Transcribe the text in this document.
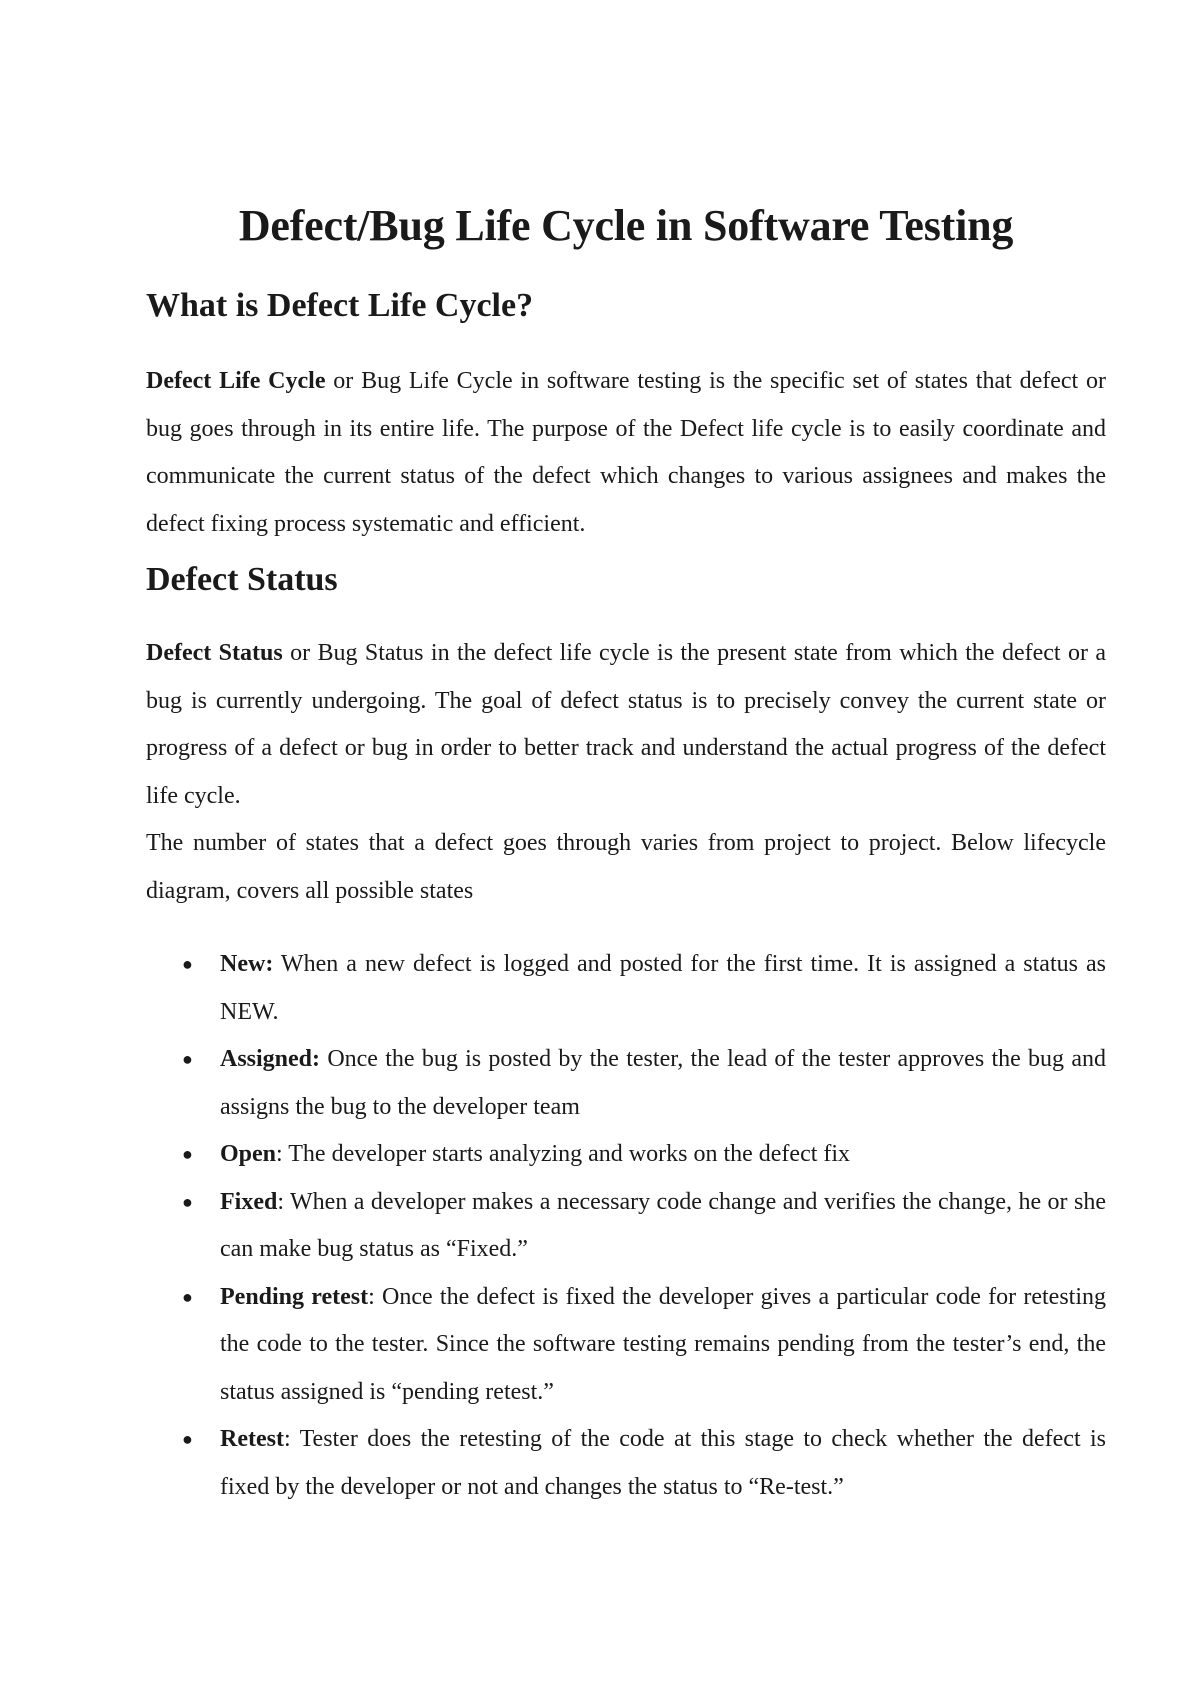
Defect/Bug Life Cycle in Software Testing
What is Defect Life Cycle?

Defect Life Cycle or Bug Life Cycle in software testing is the specific set of states that defect or bug goes through in its entire life. The purpose of the Defect life cycle is to easily coordinate and communicate the current status of the defect which changes to various assignees and makes the defect fixing process systematic and efficient.

Defect Status

Defect Status or Bug Status in the defect life cycle is the present state from which the defect or a bug is currently undergoing. The goal of defect status is to precisely convey the current state or progress of a defect or bug in order to better track and understand the actual progress of the defect life cycle.

The number of states that a defect goes through varies from project to project. Below lifecycle diagram, covers all possible states

● New: When a new defect is logged and posted for the first time. It is assigned a status as NEW.
● Assigned: Once the bug is posted by the tester, the lead of the tester approves the bug and assigns the bug to the developer team
● Open: The developer starts analyzing and works on the defect fix
● Fixed: When a developer makes a necessary code change and verifies the change, he or she can make bug status as “Fixed.”
● Pending retest: Once the defect is fixed the developer gives a particular code for retesting the code to the tester. Since the software testing remains pending from the tester’s end, the status assigned is “pending retest.”
● Retest: Tester does the retesting of the code at this stage to check whether the defect is fixed by the developer or not and changes the status to “Re-test.”
